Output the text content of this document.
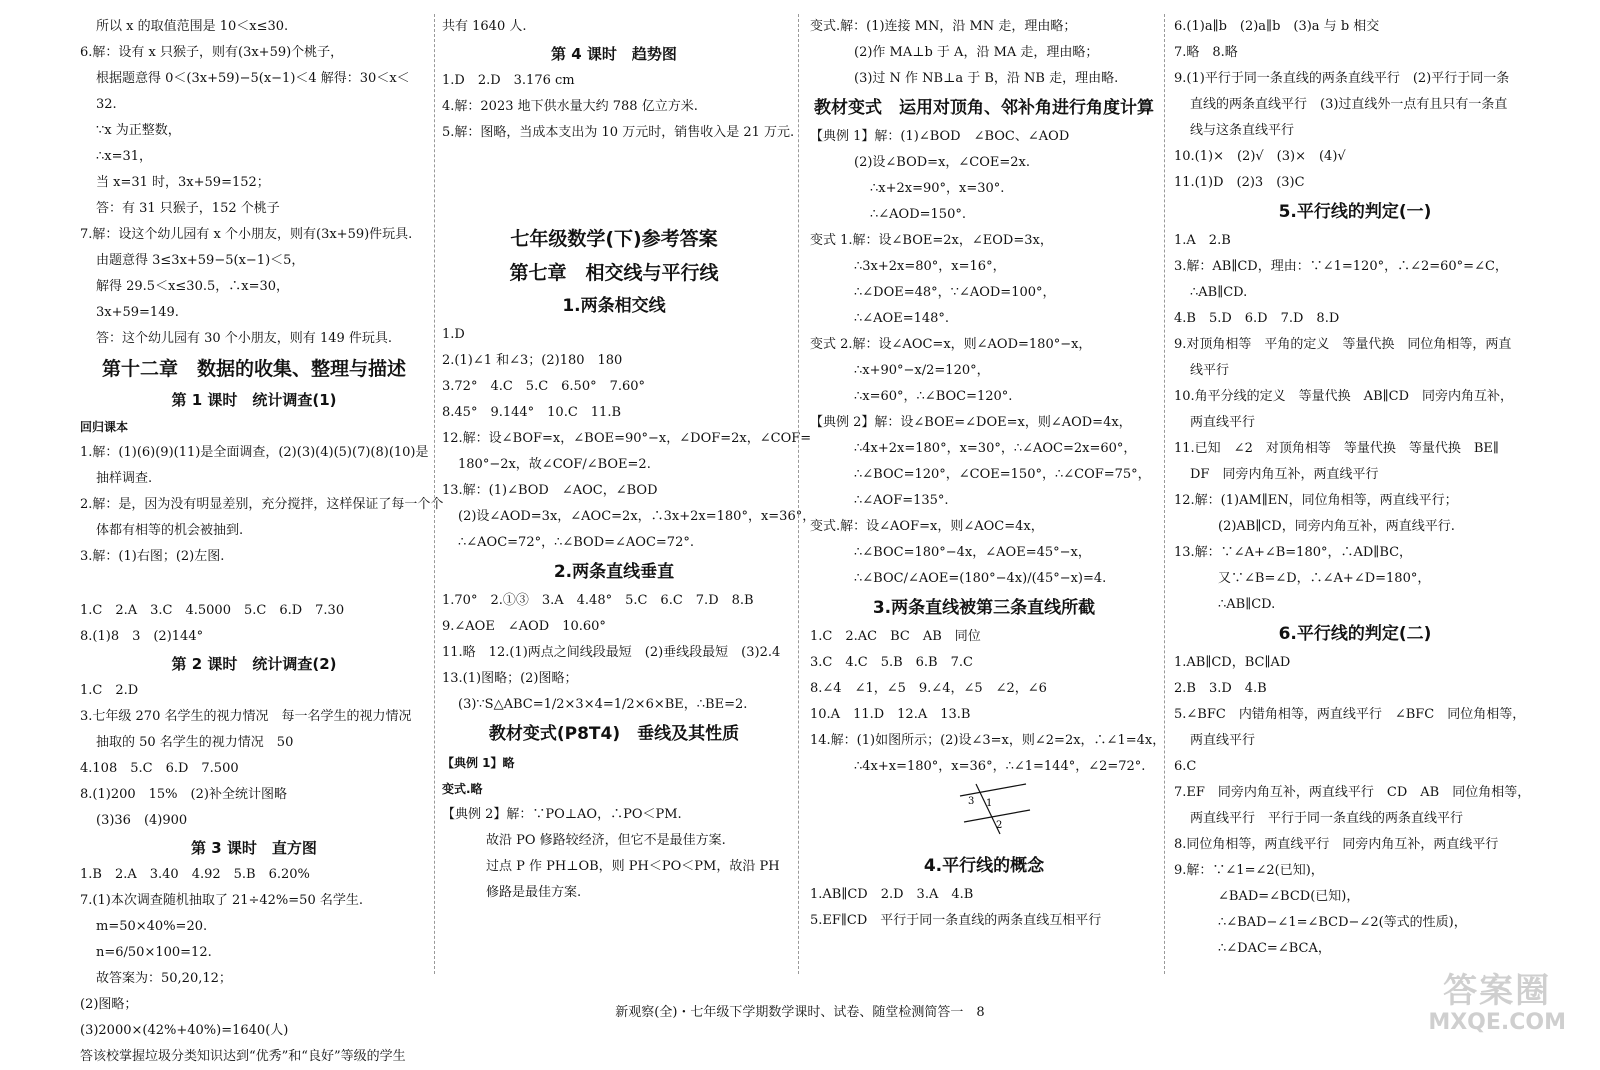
所以 x 的取值范围是 10＜x≤30.
6.解：设有 x 只猴子，则有(3x+59)个桃子，
根据题意得 0＜(3x+59)−5(x−1)＜4 解得：30＜x＜
32.
∵x 为正整数，
∴x=31，
当 x=31 时，3x+59=152；
答：有 31 只猴子，152 个桃子
7.解：设这个幼儿园有 x 个小朋友，则有(3x+59)件玩具.
由题意得 3≤3x+59−5(x−1)＜5，
解得 29.5＜x≤30.5，∴x=30，
3x+59=149.
答：这个幼儿园有 30 个小朋友，则有 149 件玩具.
第十二章　数据的收集、整理与描述
第 1 课时　统计调查(1)
回归课本
1.解：(1)(6)(9)(11)是全面调查，(2)(3)(4)(5)(7)(8)(10)是
抽样调查.
2.解：是，因为没有明显差别，充分搅拌，这样保证了每一个个
体都有相等的机会被抽到.
3.解：(1)右图；(2)左图.
1.C　2.A　3.C　4.5000　5.C　6.D　7.30
8.(1)8　3　(2)144°
第 2 课时　统计调查(2)
1.C　2.D
3.七年级 270 名学生的视力情况　每一名学生的视力情况
抽取的 50 名学生的视力情况　50
4.108　5.C　6.D　7.500
8.(1)200　15%　(2)补全统计图略
(3)36　(4)900
第 3 课时　直方图
1.B　2.A　3.40　4.92　5.B　6.20%
7.(1)本次调查随机抽取了 21÷42%=50 名学生.
m=50×40%=20.
n=6/50×100=12.
故答案为：50,20,12；
(2)图略；
(3)2000×(42%+40%)=1640(人)
答该校掌握垃圾分类知识达到“优秀”和“良好”等级的学生
共有 1640 人.
第 4 课时　趋势图
1.D　2.D　3.176 cm
4.解：2023 地下供水量大约 788 亿立方米.
5.解：图略，当成本支出为 10 万元时，销售收入是 21 万元.
七年级数学(下)参考答案
第七章　相交线与平行线
1.两条相交线
1.D
2.(1)∠1 和∠3；(2)180　180
3.72°　4.C　5.C　6.50°　7.60°
8.45°　9.144°　10.C　11.B
12.解：设∠BOF=x，∠BOE=90°−x，∠DOF=2x，∠COF=
180°−2x，故∠COF/∠BOE=2.
13.解：(1)∠BOD　∠AOC，∠BOD
(2)设∠AOD=3x，∠AOC=2x，∴3x+2x=180°，x=36°，
∴∠AOC=72°，∴∠BOD=∠AOC=72°.
2.两条直线垂直
1.70°　2.①③　3.A　4.48°　5.C　6.C　7.D　8.B
9.∠AOE　∠AOD　10.60°
11.略　12.(1)两点之间线段最短　(2)垂线段最短　(3)2.4
13.(1)图略；(2)图略；
(3)∵S△ABC=1/2×3×4=1/2×6×BE，∴BE=2.
教材变式(P8T4)　垂线及其性质
【典例 1】略
变式.略
【典例 2】解：∵PO⊥AO，∴PO＜PM.
故沿 PO 修路较经济，但它不是最佳方案.
过点 P 作 PH⊥OB，则 PH＜PO＜PM，故沿 PH
修路是最佳方案.
变式.解：(1)连接 MN，沿 MN 走，理由略；
(2)作 MA⊥b 于 A，沿 MA 走，理由略；
(3)过 N 作 NB⊥a 于 B，沿 NB 走，理由略.
教材变式　运用对顶角、邻补角进行角度计算
【典例 1】解：(1)∠BOD　∠BOC、∠AOD
(2)设∠BOD=x，∠COE=2x.
∴x+2x=90°，x=30°.
∴∠AOD=150°.
变式 1.解：设∠BOE=2x，∠EOD=3x，
∴3x+2x=80°，x=16°，
∴∠DOE=48°，∵∠AOD=100°，
∴∠AOE=148°.
变式 2.解：设∠AOC=x，则∠AOD=180°−x，
∴x+90°−x/2=120°，
∴x=60°，∴∠BOC=120°.
【典例 2】解：设∠BOE=∠DOE=x，则∠AOD=4x，
∴4x+2x=180°，x=30°，∴∠AOC=2x=60°，
∴∠BOC=120°，∠COE=150°，∴∠COF=75°，
∴∠AOF=135°.
变式.解：设∠AOF=x，则∠AOC=4x，
∴∠BOC=180°−4x，∠AOE=45°−x，
∴∠BOC/∠AOE=(180°−4x)/(45°−x)=4.
3.两条直线被第三条直线所截
1.C　2.AC　BC　AB　同位
3.C　4.C　5.B　6.B　7.C
8.∠4　∠1，∠5　9.∠4，∠5　∠2，∠6
10.A　11.D　12.A　13.B
14.解：(1)如图所示；(2)设∠3=x，则∠2=2x，∴∠1=4x，
∴4x+x=180°，x=36°，∴∠1=144°，∠2=72°.
3 1
2
4.平行线的概念
1.AB∥CD　2.D　3.A　4.B
5.EF∥CD　平行于同一条直线的两条直线互相平行
6.(1)a∥b　(2)a∥b　(3)a 与 b 相交
7.略　8.略
9.(1)平行于同一条直线的两条直线平行　(2)平行于同一条
直线的两条直线平行　(3)过直线外一点有且只有一条直
线与这条直线平行
10.(1)×　(2)√　(3)×　(4)√
11.(1)D　(2)3　(3)C
5.平行线的判定(一)
1.A　2.B
3.解：AB∥CD，理由：∵∠1=120°，∴∠2=60°=∠C，
∴AB∥CD.
4.B　5.D　6.D　7.D　8.D
9.对顶角相等　平角的定义　等量代换　同位角相等，两直
线平行
10.角平分线的定义　等量代换　AB∥CD　同旁内角互补，
两直线平行
11.已知　∠2　对顶角相等　等量代换　等量代换　BE∥
DF　同旁内角互补，两直线平行
12.解：(1)AM∥EN，同位角相等，两直线平行；
(2)AB∥CD，同旁内角互补，两直线平行.
13.解：∵∠A+∠B=180°，∴AD∥BC，
又∵∠B=∠D，∴∠A+∠D=180°，
∴AB∥CD.
6.平行线的判定(二)
1.AB∥CD，BC∥AD
2.B　3.D　4.B
5.∠BFC　内错角相等，两直线平行　∠BFC　同位角相等，
两直线平行
6.C
7.EF　同旁内角互补，两直线平行　CD　AB　同位角相等，
两直线平行　平行于同一条直线的两条直线平行
8.同位角相等，两直线平行　同旁内角互补，两直线平行
9.解：∵∠1=∠2(已知)，
∠BAD=∠BCD(已知)，
∴∠BAD−∠1=∠BCD−∠2(等式的性质)，
∴∠DAC=∠BCA，
新观察(全)・七年级下学期数学课时、试卷、随堂检测简答一　8
答案圈
MXQE.COM
